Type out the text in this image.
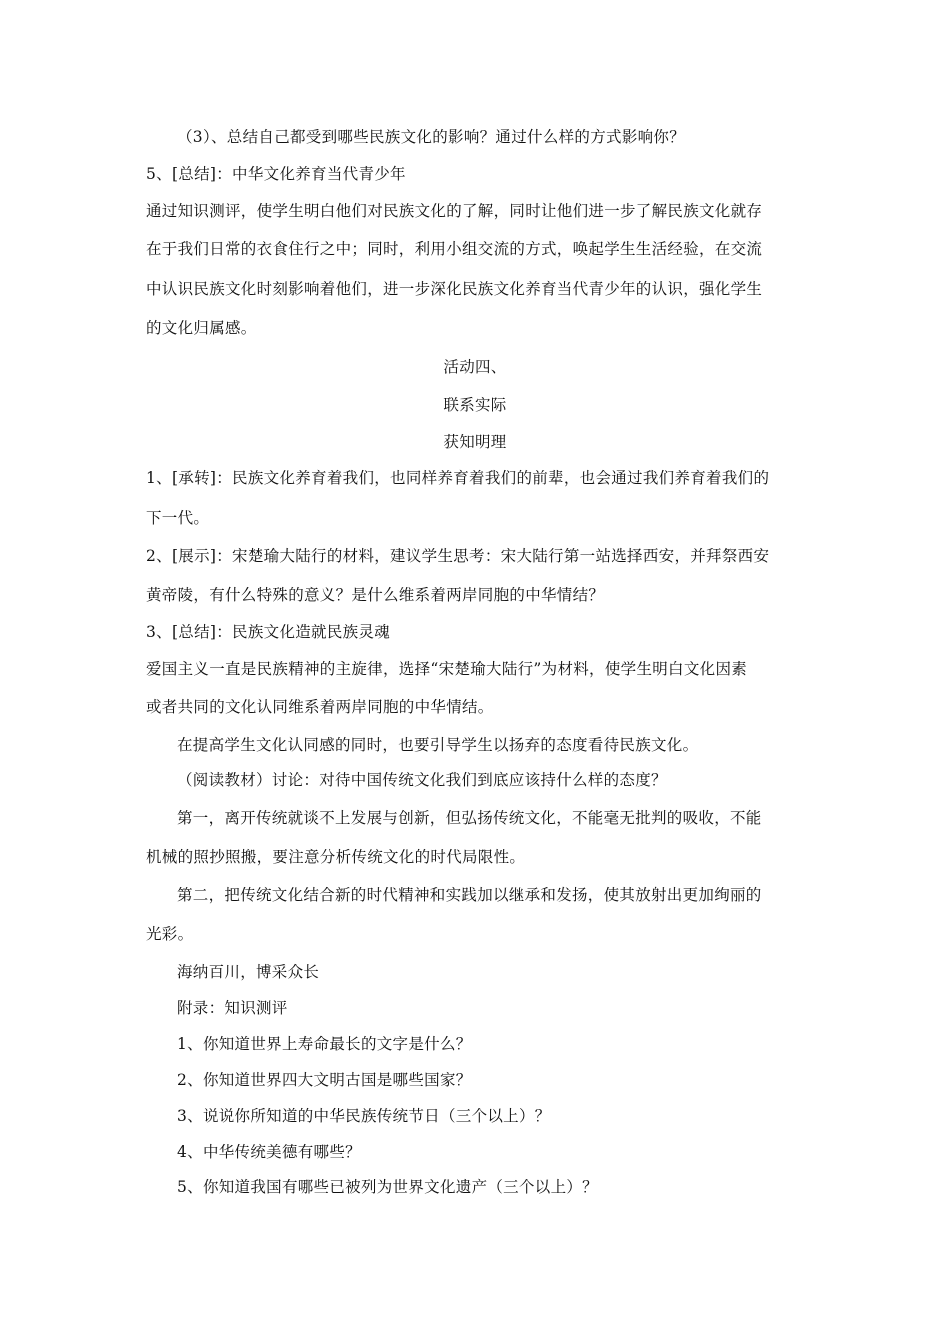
（3）、总结自己都受到哪些民族文化的影响？通过什么样的方式影响你？
5、[总结]：中华文化养育当代青少年
通过知识测评，使学生明白他们对民族文化的了解，同时让他们进一步了解民族文化就存
在于我们日常的衣食住行之中；同时，利用小组交流的方式，唤起学生生活经验，在交流
中认识民族文化时刻影响着他们，进一步深化民族文化养育当代青少年的认识，强化学生
的文化归属感。
活动四、
联系实际
获知明理
1、[承转]：民族文化养育着我们，也同样养育着我们的前辈，也会通过我们养育着我们的
下一代。
2、[展示]：宋楚瑜大陆行的材料，建议学生思考：宋大陆行第一站选择西安，并拜祭西安
黄帝陵，有什么特殊的意义？是什么维系着两岸同胞的中华情结？
3、[总结]：民族文化造就民族灵魂
爱国主义一直是民族精神的主旋律，选择“宋楚瑜大陆行”为材料，使学生明白文化因素
或者共同的文化认同维系着两岸同胞的中华情结。
在提高学生文化认同感的同时，也要引导学生以扬弃的态度看待民族文化。
（阅读教材）讨论：对待中国传统文化我们到底应该持什么样的态度？
第一，离开传统就谈不上发展与创新，但弘扬传统文化，不能毫无批判的吸收，不能
机械的照抄照搬，要注意分析传统文化的时代局限性。
第二，把传统文化结合新的时代精神和实践加以继承和发扬，使其放射出更加绚丽的
光彩。
海纳百川，博采众长
附录：知识测评
1、你知道世界上寿命最长的文字是什么？
2、你知道世界四大文明古国是哪些国家？
3、说说你所知道的中华民族传统节日（三个以上）？
4、中华传统美德有哪些？
5、你知道我国有哪些已被列为世界文化遗产（三个以上）？
